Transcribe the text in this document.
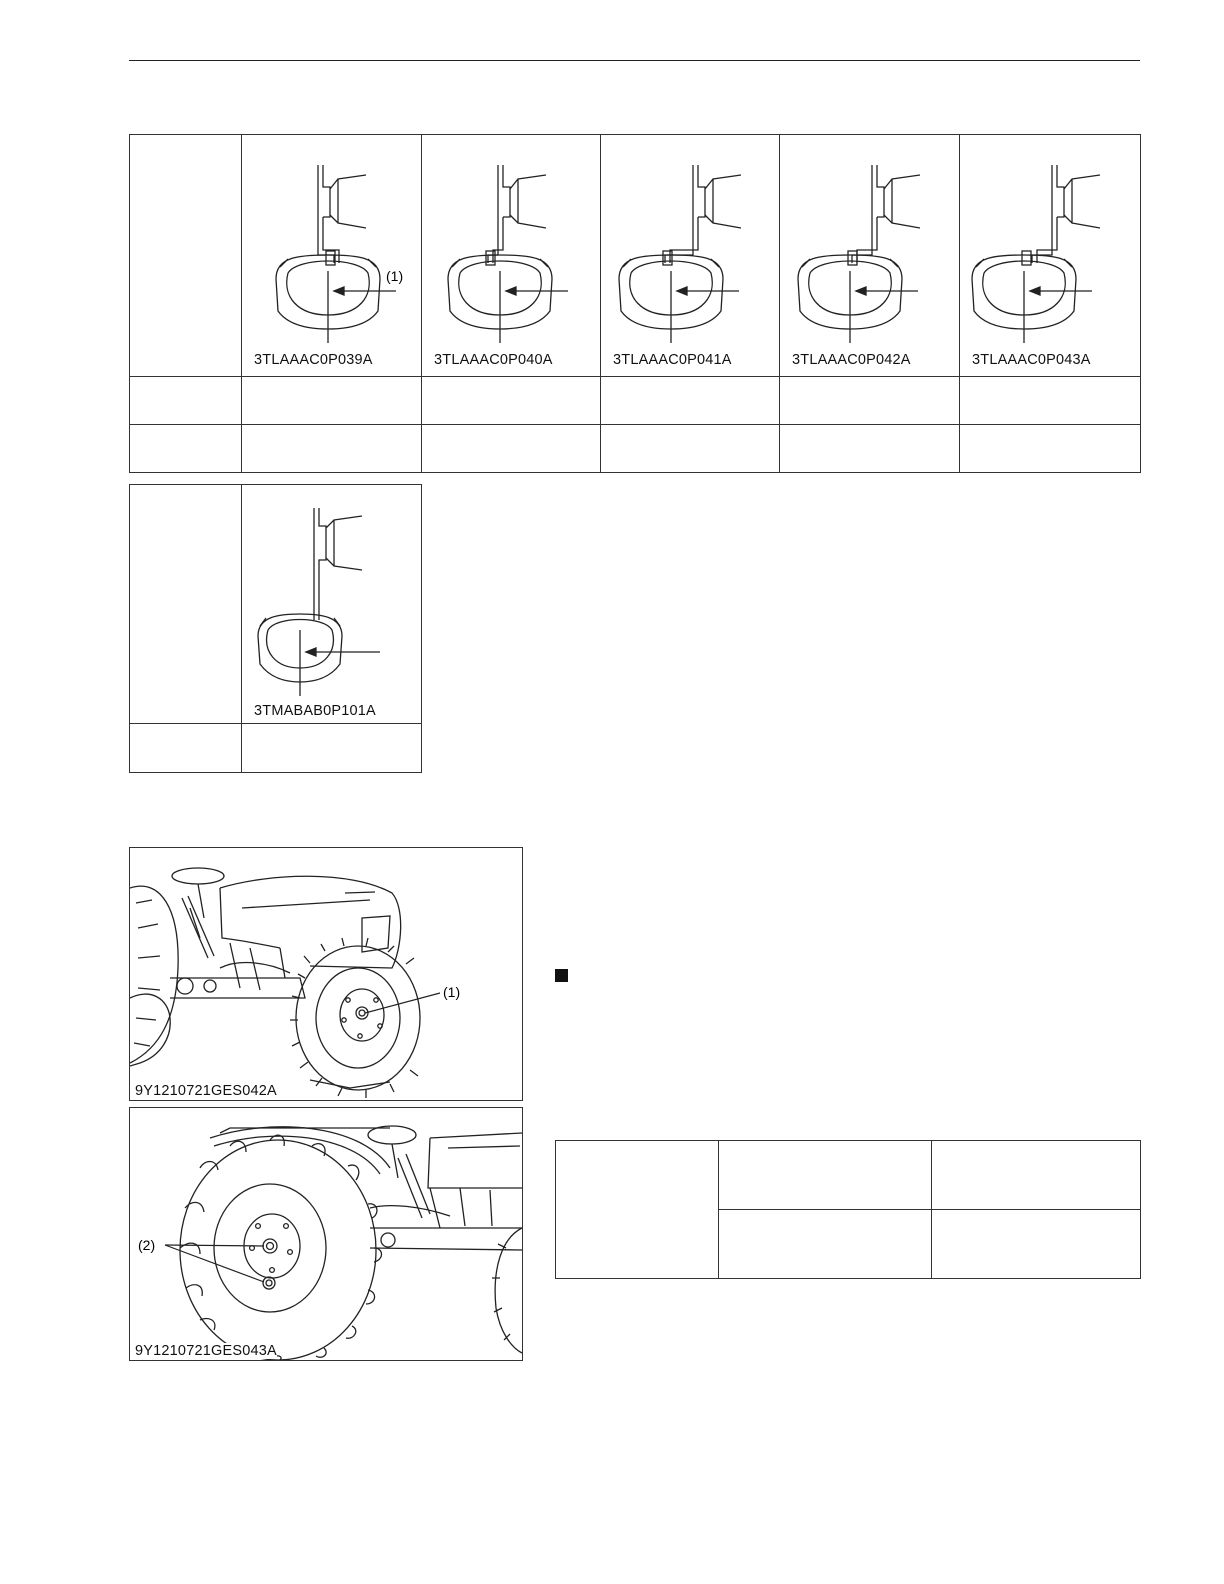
(1)
3TLAAAC0P039A	3TLAAAC0P040A	3TLAAAC0P041A	3TLAAAC0P042A	3TLAAAC0P043A

	3TMABAB0P101A

(1)
9Y1210721GES042A
(2)
9Y1210721GES043A
